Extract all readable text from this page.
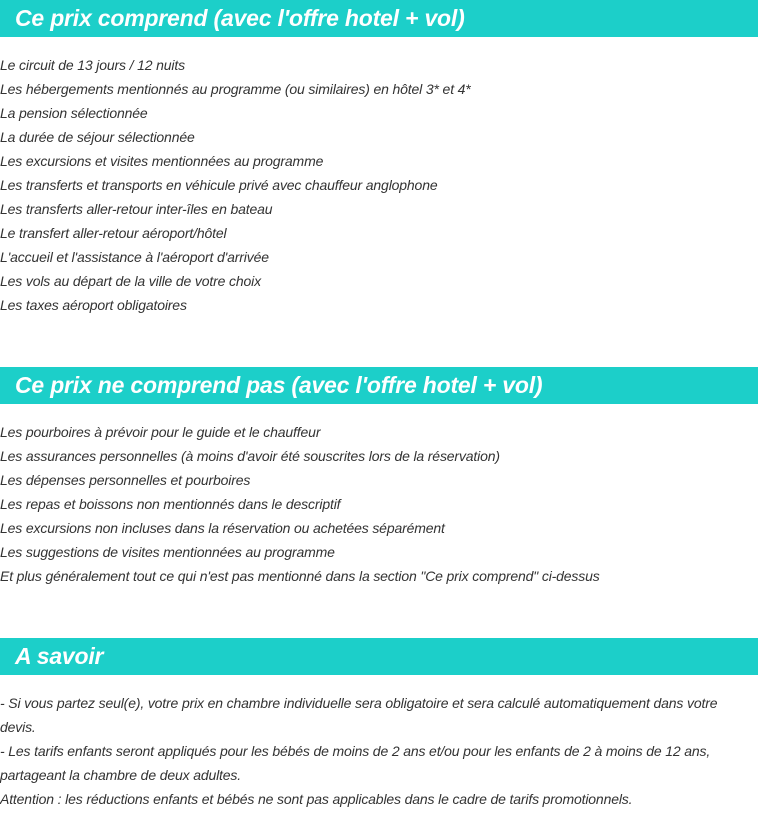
Ce prix comprend (avec l'offre hotel + vol)
Le circuit de 13 jours / 12 nuits
Les hébergements mentionnés au programme (ou similaires) en hôtel 3* et 4*
La pension sélectionnée
La durée de séjour sélectionnée
Les excursions et visites mentionnées au programme
Les transferts et transports en véhicule privé avec chauffeur anglophone
Les transferts aller-retour inter-îles en bateau
Le transfert aller-retour aéroport/hôtel
L'accueil et l'assistance à l'aéroport d'arrivée
Les vols au départ de la ville de votre choix
Les taxes aéroport obligatoires
Ce prix ne comprend pas (avec l'offre hotel + vol)
Les pourboires à prévoir pour le guide et le chauffeur
Les assurances personnelles (à moins d'avoir été souscrites lors de la réservation)
Les dépenses personnelles et pourboires
Les repas et boissons non mentionnés dans le descriptif
Les excursions non incluses dans la réservation ou achetées séparément
Les suggestions de visites mentionnées au programme
Et plus généralement tout ce qui n'est pas mentionné dans la section "Ce prix comprend" ci-dessus
A savoir

- Si vous partez seul(e), votre prix en chambre individuelle sera obligatoire et sera calculé automatiquement dans votre devis.

- Les tarifs enfants seront appliqués pour les bébés de moins de 2 ans et/ou pour les enfants de 2 à moins de 12 ans, partageant la chambre de deux adultes.

Attention : les réductions enfants et bébés ne sont pas applicables dans le cadre de tarifs promotionnels.
